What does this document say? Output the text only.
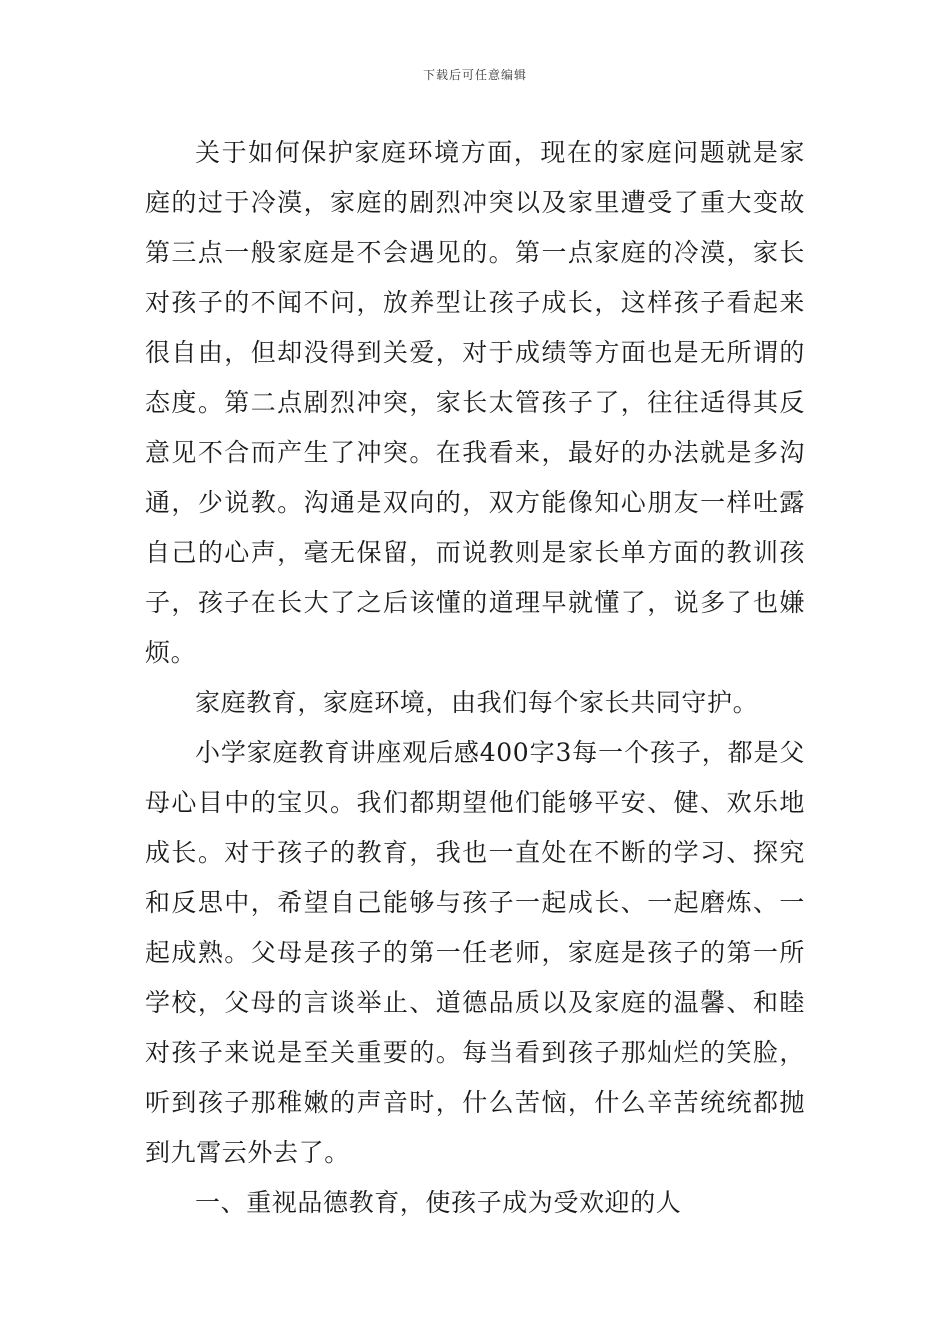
下载后可任意编辑

关于如何保护家庭环境方面，现在的家庭问题就是家庭的过于冷漠，家庭的剧烈冲突以及家里遭受了重大变故第三点一般家庭是不会遇见的。第一点家庭的冷漠，家长对孩子的不闻不问，放养型让孩子成长，这样孩子看起来很自由，但却没得到关爱，对于成绩等方面也是无所谓的态度。第二点剧烈冲突，家长太管孩子了，往往适得其反意见不合而产生了冲突。在我看来，最好的办法就是多沟通，少说教。沟通是双向的，双方能像知心朋友一样吐露自己的心声，毫无保留，而说教则是家长单方面的教训孩子，孩子在长大了之后该懂的道理早就懂了，说多了也嫌烦。

家庭教育，家庭环境，由我们每个家长共同守护。

小学家庭教育讲座观后感400字3每一个孩子，都是父母心目中的宝贝。我们都期望他们能够平安、健、欢乐地成长。对于孩子的教育，我也一直处在不断的学习、探究和反思中，希望自己能够与孩子一起成长、一起磨炼、一起成熟。父母是孩子的第一任老师，家庭是孩子的第一所学校，父母的言谈举止、道德品质以及家庭的温馨、和睦对孩子来说是至关重要的。每当看到孩子那灿烂的笑脸，听到孩子那稚嫩的声音时，什么苦恼，什么辛苦统统都抛到九霄云外去了。

一、重视品德教育，使孩子成为受欢迎的人
